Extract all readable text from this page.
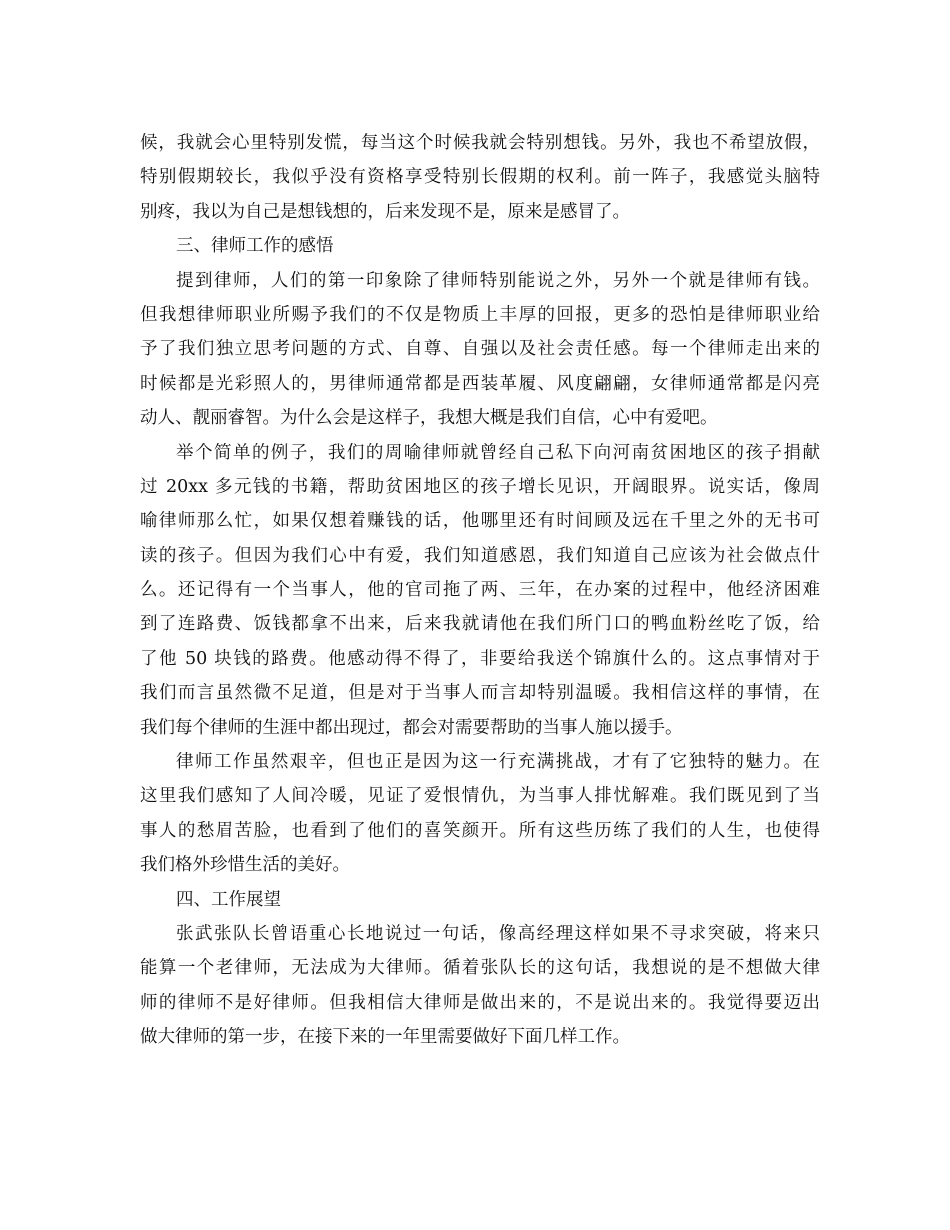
候，我就会心里特别发慌，每当这个时候我就会特别想钱。另外，我也不希望放假，
特别假期较长，我似乎没有资格享受特别长假期的权利。前一阵子，我感觉头脑特
别疼，我以为自己是想钱想的，后来发现不是，原来是感冒了。
三、律师工作的感悟
提到律师，人们的第一印象除了律师特别能说之外，另外一个就是律师有钱。
但我想律师职业所赐予我们的不仅是物质上丰厚的回报，更多的恐怕是律师职业给
予了我们独立思考问题的方式、自尊、自强以及社会责任感。每一个律师走出来的
时候都是光彩照人的，男律师通常都是西装革履、风度翩翩，女律师通常都是闪亮
动人、靓丽睿智。为什么会是这样子，我想大概是我们自信，心中有爱吧。
举个简单的例子，我们的周喻律师就曾经自己私下向河南贫困地区的孩子捐献
过 20xx 多元钱的书籍，帮助贫困地区的孩子增长见识，开阔眼界。说实话，像周
喻律师那么忙，如果仅想着赚钱的话，他哪里还有时间顾及远在千里之外的无书可
读的孩子。但因为我们心中有爱，我们知道感恩，我们知道自己应该为社会做点什
么。还记得有一个当事人，他的官司拖了两、三年，在办案的过程中，他经济困难
到了连路费、饭钱都拿不出来，后来我就请他在我们所门口的鸭血粉丝吃了饭，给
了他 50 块钱的路费。他感动得不得了，非要给我送个锦旗什么的。这点事情对于
我们而言虽然微不足道，但是对于当事人而言却特别温暖。我相信这样的事情，在
我们每个律师的生涯中都出现过，都会对需要帮助的当事人施以援手。
律师工作虽然艰辛，但也正是因为这一行充满挑战，才有了它独特的魅力。在
这里我们感知了人间冷暖，见证了爱恨情仇，为当事人排忧解难。我们既见到了当
事人的愁眉苦脸，也看到了他们的喜笑颜开。所有这些历练了我们的人生，也使得
我们格外珍惜生活的美好。
四、工作展望
张武张队长曾语重心长地说过一句话，像高经理这样如果不寻求突破，将来只
能算一个老律师，无法成为大律师。循着张队长的这句话，我想说的是不想做大律
师的律师不是好律师。但我相信大律师是做出来的，不是说出来的。我觉得要迈出
做大律师的第一步，在接下来的一年里需要做好下面几样工作。
